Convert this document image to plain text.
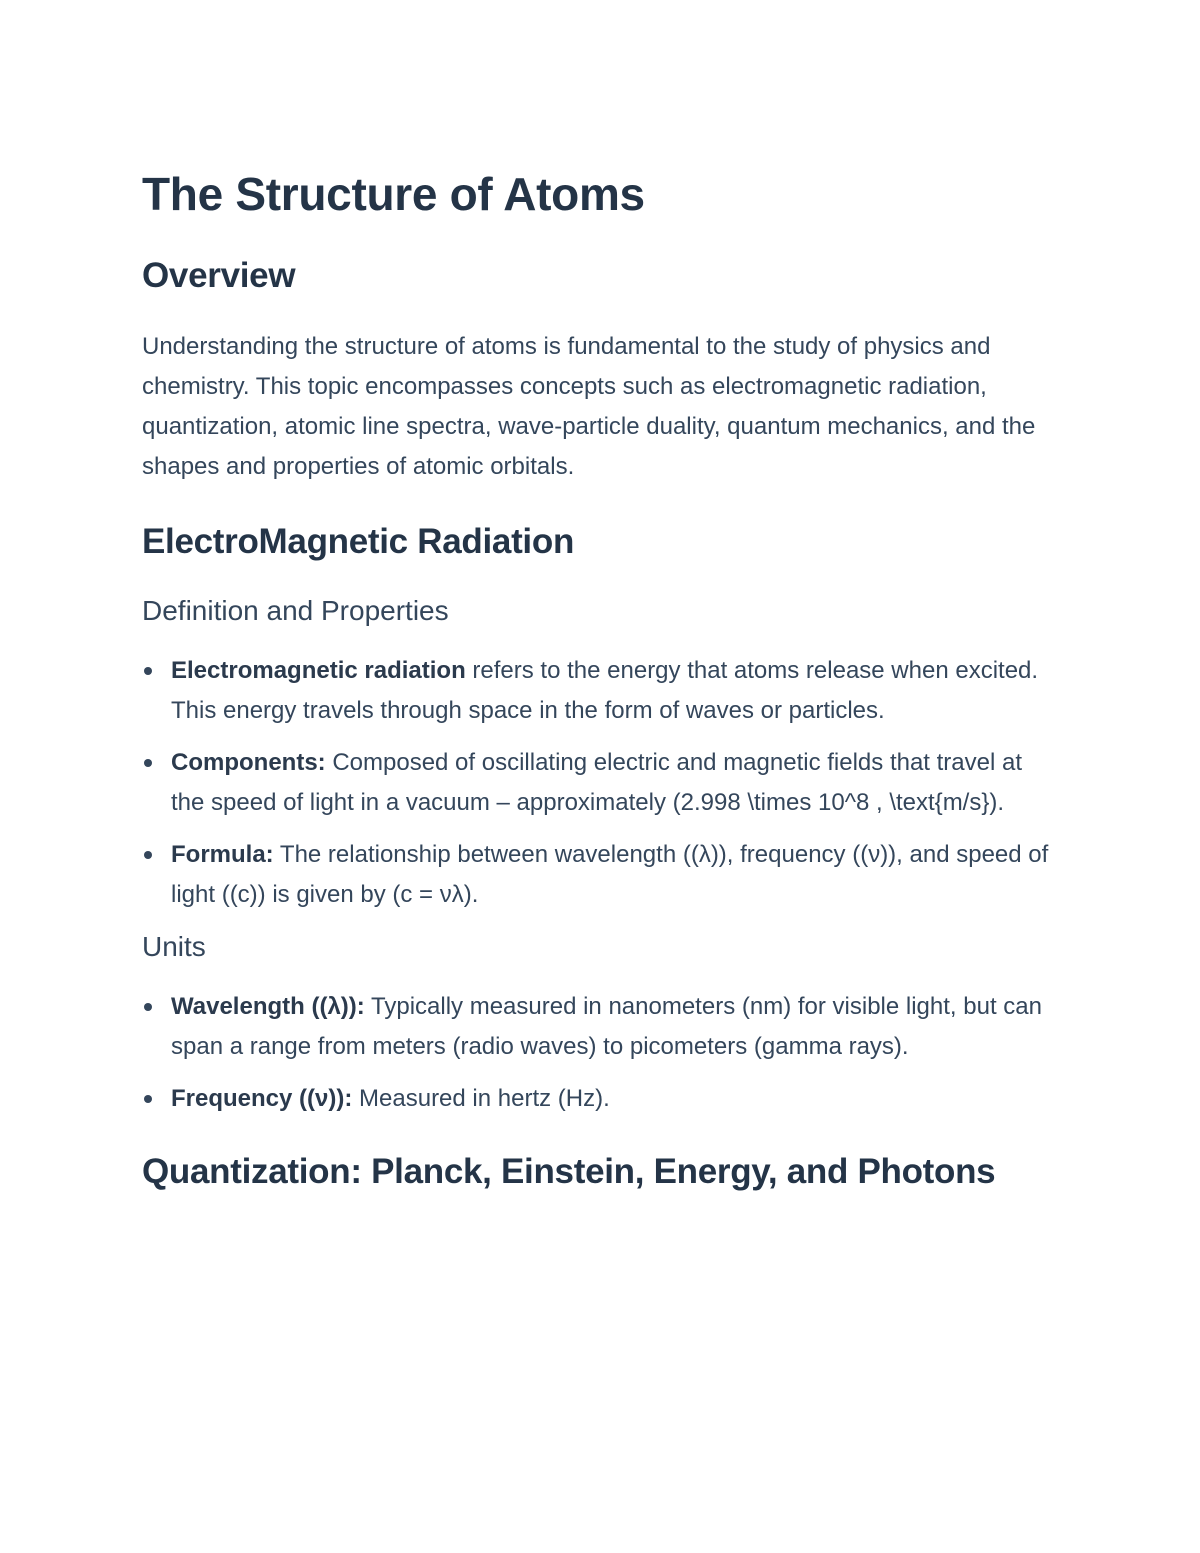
The Structure of Atoms
Overview

Understanding the structure of atoms is fundamental to the study of physics and chemistry. This topic encompasses concepts such as electromagnetic radiation, quantization, atomic line spectra, wave-particle duality, quantum mechanics, and the shapes and properties of atomic orbitals.

ElectroMagnetic Radiation
Definition and Properties
Electromagnetic radiation refers to the energy that atoms release when excited. This energy travels through space in the form of waves or particles.
Components: Composed of oscillating electric and magnetic fields that travel at the speed of light in a vacuum – approximately (2.998 \times 10^8 , \text{m/s}).
Formula: The relationship between wavelength ((λ)), frequency ((ν)), and speed of light ((c)) is given by (c = νλ).
Units
Wavelength ((λ)): Typically measured in nanometers (nm) for visible light, but can span a range from meters (radio waves) to picometers (gamma rays).
Frequency ((ν)): Measured in hertz (Hz).
Quantization: Planck, Einstein, Energy, and Photons
